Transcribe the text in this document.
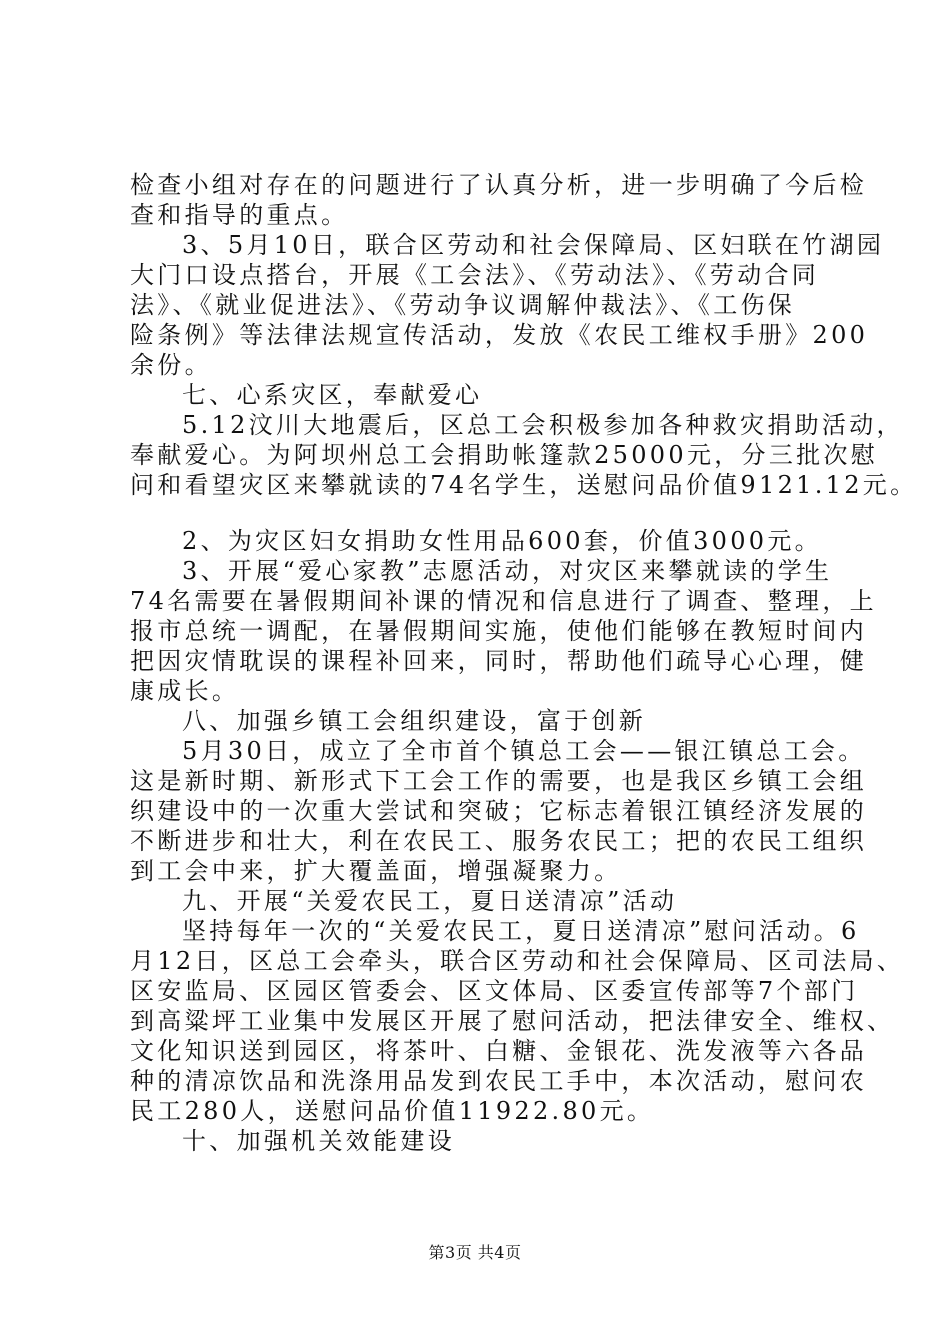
检查小组对存在的问题进行了认真分析，进一步明确了今后检
查和指导的重点。
3、5月10日，联合区劳动和社会保障局、区妇联在竹湖园
大门口设点搭台，开展《工会法》、《劳动法》、《劳动合同
法》、《就业促进法》、《劳动争议调解仲裁法》、《工伤保
险条例》等法律法规宣传活动，发放《农民工维权手册》200
余份。
七、心系灾区，奉献爱心
5.12汶川大地震后，区总工会积极参加各种救灾捐助活动，
奉献爱心。为阿坝州总工会捐助帐篷款25000元，分三批次慰
问和看望灾区来攀就读的74名学生，送慰问品价值9121.12元。
2、为灾区妇女捐助女性用品600套，价值3000元。
3、开展“爱心家教”志愿活动，对灾区来攀就读的学生
74名需要在暑假期间补课的情况和信息进行了调查、整理，上
报市总统一调配，在暑假期间实施，使他们能够在教短时间内
把因灾情耽误的课程补回来，同时，帮助他们疏导心心理，健
康成长。
八、加强乡镇工会组织建设，富于创新
5月30日，成立了全市首个镇总工会——银江镇总工会。
这是新时期、新形式下工会工作的需要，也是我区乡镇工会组
织建设中的一次重大尝试和突破；它标志着银江镇经济发展的
不断进步和壮大，利在农民工、服务农民工；把的农民工组织
到工会中来，扩大覆盖面，增强凝聚力。
九、开展“关爱农民工，夏日送清凉”活动
坚持每年一次的“关爱农民工，夏日送清凉”慰问活动。6
月12日，区总工会牵头，联合区劳动和社会保障局、区司法局、
区安监局、区园区管委会、区文体局、区委宣传部等7个部门
到高粱坪工业集中发展区开展了慰问活动，把法律安全、维权、
文化知识送到园区，将茶叶、白糖、金银花、洗发液等六各品
种的清凉饮品和洗涤用品发到农民工手中，本次活动，慰问农
民工280人，送慰问品价值11922.80元。
十、加强机关效能建设
第3页 共4页
